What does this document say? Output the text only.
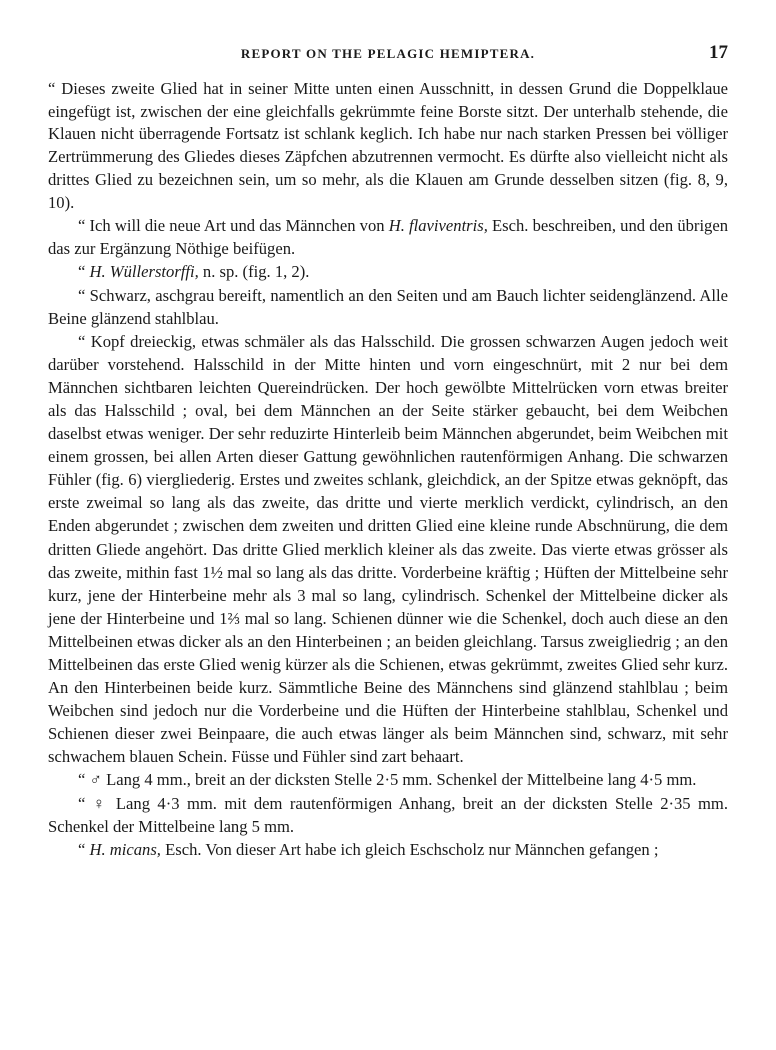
REPORT ON THE PELAGIC HEMIPTERA.	17

“ Dieses zweite Glied hat in seiner Mitte unten einen Ausschnitt, in dessen Grund die Doppelklaue eingefügt ist, zwischen der eine gleichfalls gekrümmte feine Borste sitzt. Der unterhalb stehende, die Klauen nicht überragende Fortsatz ist schlank keglich. Ich habe nur nach starken Pressen bei völliger Zertrümmerung des Gliedes dieses Zäpfchen abzutrennen vermocht. Es dürfte also vielleicht nicht als drittes Glied zu bezeichnen sein, um so mehr, als die Klauen am Grunde desselben sitzen (fig. 8, 9, 10).

“ Ich will die neue Art und das Männchen von H. flaviventris, Esch. beschreiben, und den übrigen das zur Ergänzung Nöthige beifügen.

“ H. Wüllerstorffi, n. sp. (fig. 1, 2).

“ Schwarz, aschgrau bereift, namentlich an den Seiten und am Bauch lichter seidenglänzend. Alle Beine glänzend stahlblau.

“ Kopf dreieckig, etwas schmäler als das Halsschild. Die grossen schwarzen Augen jedoch weit darüber vorstehend. Halsschild in der Mitte hinten und vorn eingeschnürt, mit 2 nur bei dem Männchen sichtbaren leichten Quereindrücken. Der hoch gewölbte Mittelrücken vorn etwas breiter als das Halsschild ; oval, bei dem Männchen an der Seite stärker gebaucht, bei dem Weibchen daselbst etwas weniger. Der sehr reduzirte Hinterleib beim Männchen abgerundet, beim Weibchen mit einem grossen, bei allen Arten dieser Gattung gewöhnlichen rautenförmigen Anhang. Die schwarzen Fühler (fig. 6) viergliederig. Erstes und zweites schlank, gleichdick, an der Spitze etwas geknöpft, das erste zweimal so lang als das zweite, das dritte und vierte merklich verdickt, cylindrisch, an den Enden abgerundet ; zwischen dem zweiten und dritten Glied eine kleine runde Abschnürung, die dem dritten Gliede angehört. Das dritte Glied merklich kleiner als das zweite. Das vierte etwas grösser als das zweite, mithin fast 1½ mal so lang als das dritte. Vorderbeine kräftig ; Hüften der Mittelbeine sehr kurz, jene der Hinterbeine mehr als 3 mal so lang, cylindrisch. Schenkel der Mittelbeine dicker als jene der Hinterbeine und 1⅔ mal so lang. Schienen dünner wie die Schenkel, doch auch diese an den Mittelbeinen etwas dicker als an den Hinterbeinen ; an beiden gleichlang. Tarsus zweigliedrig ; an den Mittelbeinen das erste Glied wenig kürzer als die Schienen, etwas gekrümmt, zweites Glied sehr kurz. An den Hinterbeinen beide kurz. Sämmtliche Beine des Männchens sind glänzend stahlblau ; beim Weibchen sind jedoch nur die Vorderbeine und die Hüften der Hinterbeine stahlblau, Schenkel und Schienen dieser zwei Beinpaare, die auch etwas länger als beim Männchen sind, schwarz, mit sehr schwachem blauen Schein. Füsse und Fühler sind zart behaart.

“ ♂ Lang 4 mm., breit an der dicksten Stelle 2·5 mm. Schenkel der Mittelbeine lang 4·5 mm.

“ ♀ Lang 4·3 mm. mit dem rautenförmigen Anhang, breit an der dicksten Stelle 2·35 mm. Schenkel der Mittelbeine lang 5 mm.

“ H. micans, Esch. Von dieser Art habe ich gleich Eschscholz nur Männchen gefangen ;
